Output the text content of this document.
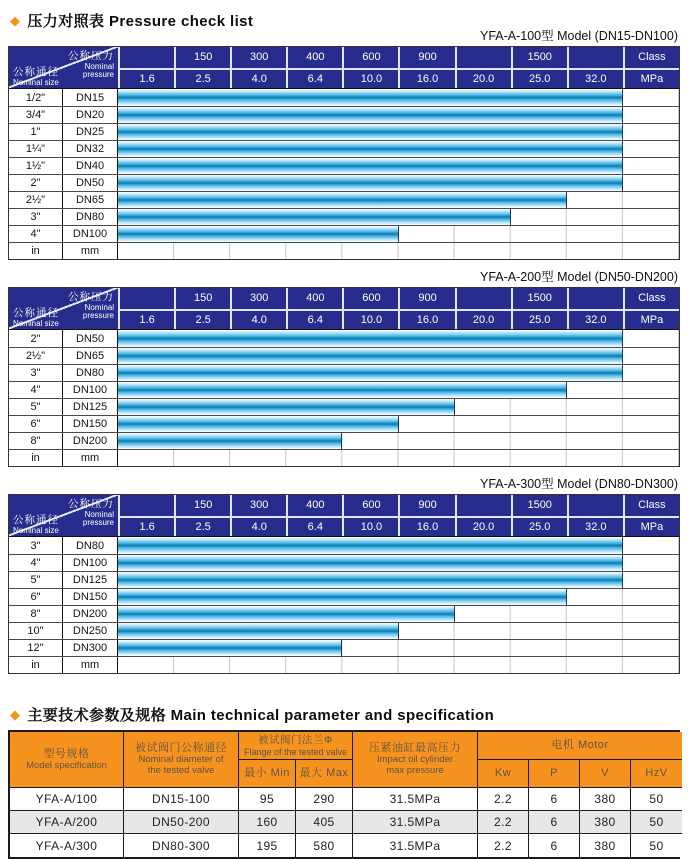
◆ 压力对照表 Pressure check list
YFA-A-100型 Model (DN15-DN100)
公称压力
Nominal
pressure
公称通径
Nominal size
150	300	400	600	900	1500	Class
1.6	2.5	4.0	6.4	10.0	16.0	20.0	25.0	32.0	MPa
1/2"	DN15
3/4"	DN20
1"	DN25
1¼"	DN32
1½"	DN40
2"	DN50
2½"	DN65
3"	DN80
4"	DN100
in	mm
YFA-A-200型 Model (DN50-DN200)
公称压力
Nominal
pressure
公称通径
Nominal size
150	300	400	600	900	1500	Class
1.6	2.5	4.0	6.4	10.0	16.0	20.0	25.0	32.0	MPa
2"	DN50
2½"	DN65
3"	DN80
4"	DN100
5"	DN125
6"	DN150
8"	DN200
in	mm
YFA-A-300型 Model (DN80-DN300)
公称压力
Nominal
pressure
公称通径
Nominal size
150	300	400	600	900	1500	Class
1.6	2.5	4.0	6.4	10.0	16.0	20.0	25.0	32.0	MPa
3"	DN80
4"	DN100
5"	DN125
6"	DN150
8"	DN200
10"	DN250
12"	DN300
in	mm
◆ 主要技术参数及规格 Main technical parameter and specification
型号规格
Model specification
被试阀门公称通径
Nominal diameter of
the tested valve
被试阀门法兰Φ
Flange of the tested valve
最小 Min 最大 Max
压紧油缸最高压力
Impact oil cylinder
max pressure
电机 Motor
Kw	P	V	HzV
YFA-A/100	DN15-100	95	290	31.5MPa	2.2	6	380	50
YFA-A/200	DN50-200	160	405	31.5MPa	2.2	6	380	50
YFA-A/300	DN80-300	195	580	31.5MPa	2.2	6	380	50
